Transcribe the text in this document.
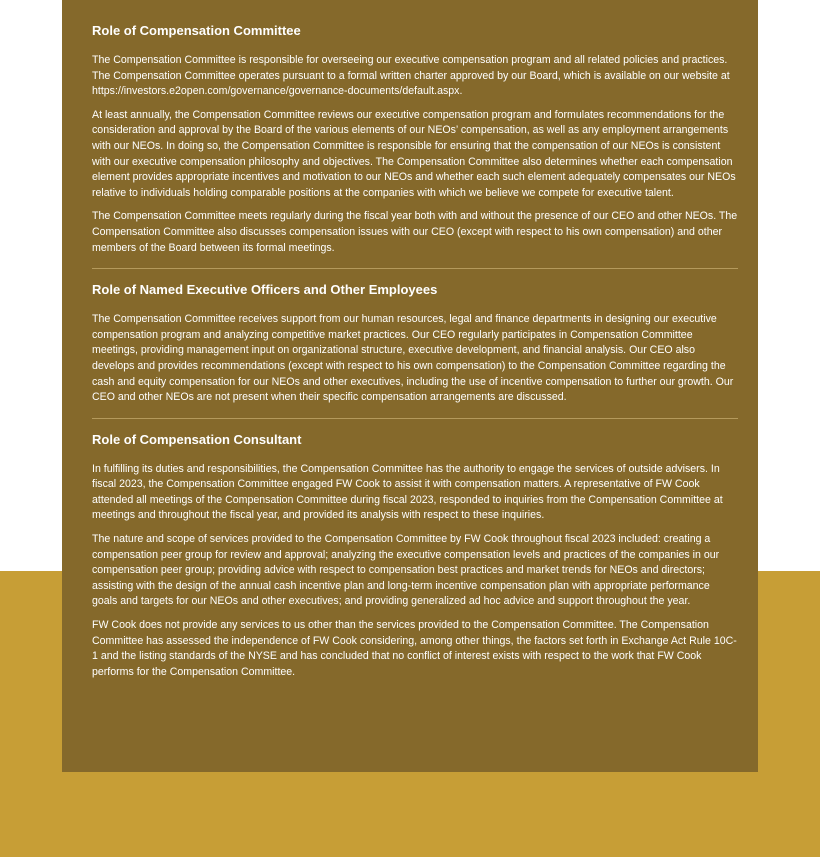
Role of Compensation Committee

The Compensation Committee is responsible for overseeing our executive compensation program and all related policies and practices. The Compensation Committee operates pursuant to a formal written charter approved by our Board, which is available on our website at https://investors.e2open.com/governance/governance-documents/default.aspx.

At least annually, the Compensation Committee reviews our executive compensation program and formulates recommendations for the consideration and approval by the Board of the various elements of our NEOs’ compensation, as well as any employment arrangements with our NEOs. In doing so, the Compensation Committee is responsible for ensuring that the compensation of our NEOs is consistent with our executive compensation philosophy and objectives. The Compensation Committee also determines whether each compensation element provides appropriate incentives and motivation to our NEOs and whether each such element adequately compensates our NEOs relative to individuals holding comparable positions at the companies with which we believe we compete for executive talent.

The Compensation Committee meets regularly during the fiscal year both with and without the presence of our CEO and other NEOs. The Compensation Committee also discusses compensation issues with our CEO (except with respect to his own compensation) and other members of the Board between its formal meetings.

Role of Named Executive Officers and Other Employees

The Compensation Committee receives support from our human resources, legal and finance departments in designing our executive compensation program and analyzing competitive market practices. Our CEO regularly participates in Compensation Committee meetings, providing management input on organizational structure, executive development, and financial analysis. Our CEO also develops and provides recommendations (except with respect to his own compensation) to the Compensation Committee regarding the cash and equity compensation for our NEOs and other executives, including the use of incentive compensation to further our growth. Our CEO and other NEOs are not present when their specific compensation arrangements are discussed.

Role of Compensation Consultant

In fulfilling its duties and responsibilities, the Compensation Committee has the authority to engage the services of outside advisers. In fiscal 2023, the Compensation Committee engaged FW Cook to assist it with compensation matters. A representative of FW Cook attended all meetings of the Compensation Committee during fiscal 2023, responded to inquiries from the Compensation Committee at meetings and throughout the fiscal year, and provided its analysis with respect to these inquiries.

The nature and scope of services provided to the Compensation Committee by FW Cook throughout fiscal 2023 included: creating a compensation peer group for review and approval; analyzing the executive compensation levels and practices of the companies in our compensation peer group; providing advice with respect to compensation best practices and market trends for NEOs and directors; assisting with the design of the annual cash incentive plan and long-term incentive compensation plan with appropriate performance goals and targets for our NEOs and other executives; and providing generalized ad hoc advice and support throughout the year.

FW Cook does not provide any services to us other than the services provided to the Compensation Committee. The Compensation Committee has assessed the independence of FW Cook considering, among other things, the factors set forth in Exchange Act Rule 10C-1 and the listing standards of the NYSE and has concluded that no conflict of interest exists with respect to the work that FW Cook performs for the Compensation Committee.
